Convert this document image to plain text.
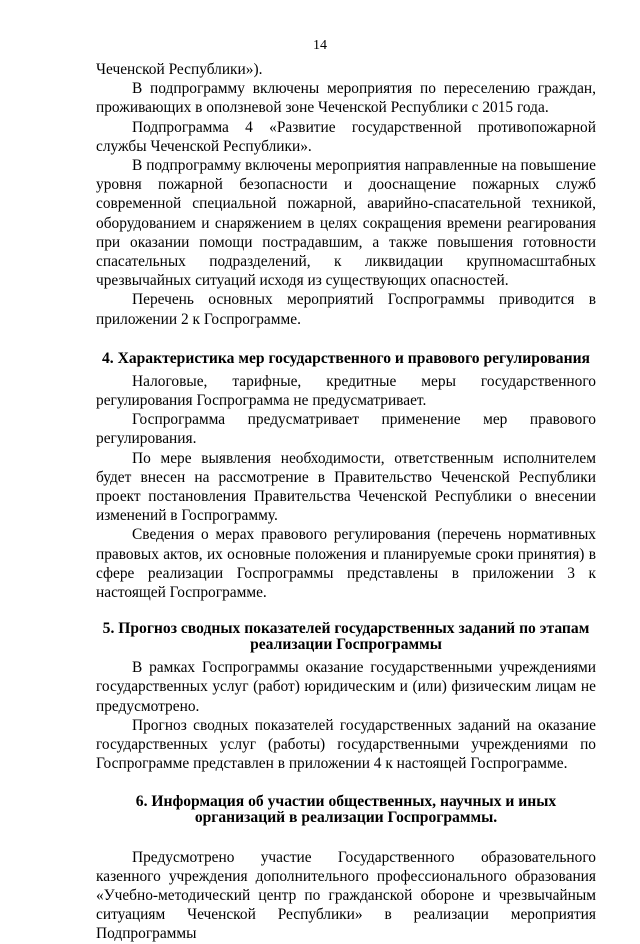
14

Чеченской Республики»).

В подпрограмму включены мероприятия по переселению граждан, проживающих в оползневой зоне Чеченской Республики с 2015 года.

Подпрограмма 4 «Развитие государственной противопожарной службы Чеченской Республики».

В подпрограмму включены мероприятия направленные на повышение уровня пожарной безопасности и дооснащение пожарных служб современной специальной пожарной, аварийно-спасательной техникой, оборудованием и снаряжением в целях сокращения времени реагирования при оказании помощи пострадавшим, а также повышения готовности спасательных подразделений, к ликвидации крупномасштабных чрезвычайных ситуаций исходя из существующих опасностей.

Перечень основных мероприятий Госпрограммы приводится в приложении 2 к Госпрограмме.

4. Характеристика мер государственного и правового регулирования

Налоговые, тарифные, кредитные меры государственного регулирования Госпрограмма не предусматривает.

Госпрограмма предусматривает применение мер правового регулирования.

По мере выявления необходимости, ответственным исполнителем будет внесен на рассмотрение в Правительство Чеченской Республики проект постановления Правительства Чеченской Республики о внесении изменений в Госпрограмму.

Сведения о мерах правового регулирования (перечень нормативных правовых актов, их основные положения и планируемые сроки принятия) в сфере реализации Госпрограммы представлены в приложении 3 к настоящей Госпрограмме.

5. Прогноз сводных показателей государственных заданий по этапам реализации Госпрограммы

В рамках Госпрограммы оказание государственными учреждениями государственных услуг (работ) юридическим и (или) физическим лицам не предусмотрено.

Прогноз сводных показателей государственных заданий на оказание государственных услуг (работы) государственными учреждениями по Госпрограмме представлен в приложении 4 к настоящей Госпрограмме.

6. Информация об участии общественных, научных и иных организаций в реализации Госпрограммы.

Предусмотрено участие Государственного образовательного казенного учреждения дополнительного профессионального образования «Учебно-методический центр по гражданской обороне и чрезвычайным ситуациям Чеченской Республики» в реализации мероприятия Подпрограммы
